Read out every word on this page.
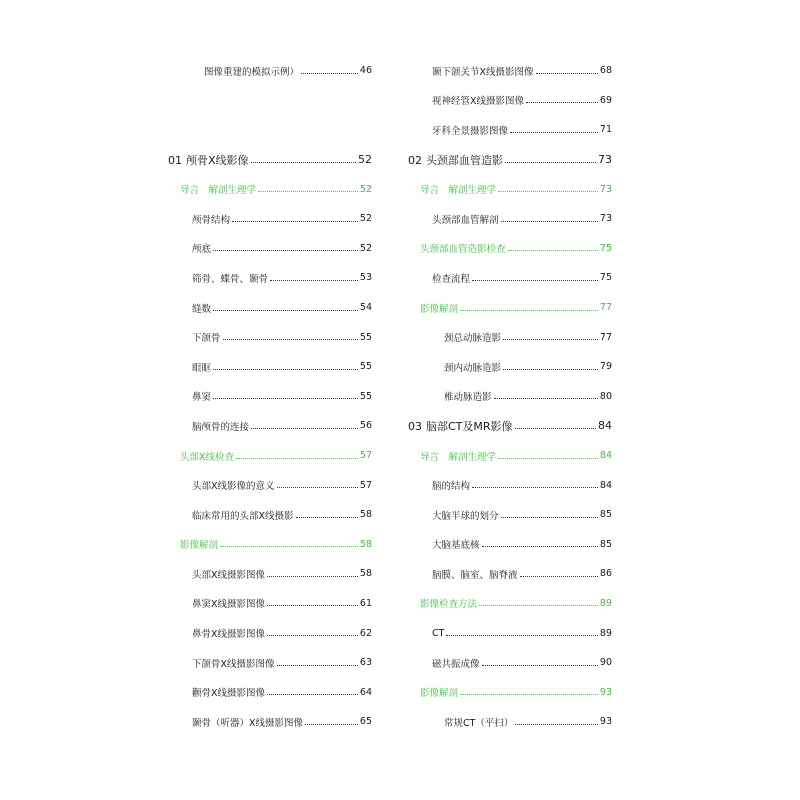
图像重建的模拟示例）	46
01 颅骨X线影像	52
导言　解剖生理学	52
颅骨结构	52
颅底	52
筛骨、蝶骨、颞骨	53
缝数	54
下颌骨	55
眼眶	55
鼻窦	55
脑颅骨的连接	56
头部X线检查	57
头部X线影像的意义	57
临床常用的头部X线摄影	58
影像解剖	58
头部X线摄影图像	58
鼻窦X线摄影图像	61
鼻骨X线摄影图像	62
下颌骨X线摄影图像	63
颧骨X线摄影图像	64
颞骨（听器）X线摄影图像	65
颞下颌关节X线摄影图像	68
视神经管X线摄影图像	69
牙科全景摄影图像	71
02 头颈部血管造影	73
导言　解剖生理学	73
头颈部血管解剖	73
头颈部血管造影检查	75
检查流程	75
影像解剖	77
颈总动脉造影	77
颈内动脉造影	79
椎动脉造影	80
03 脑部CT及MR影像	84
导言　解剖生理学	84
脑的结构	84
大脑半球的划分	85
大脑基底核	85
脑膜、脑室、脑脊液	86
影像检查方法	89
CT	89
磁共振成像	90
影像解剖	93
常规CT（平扫）	93
